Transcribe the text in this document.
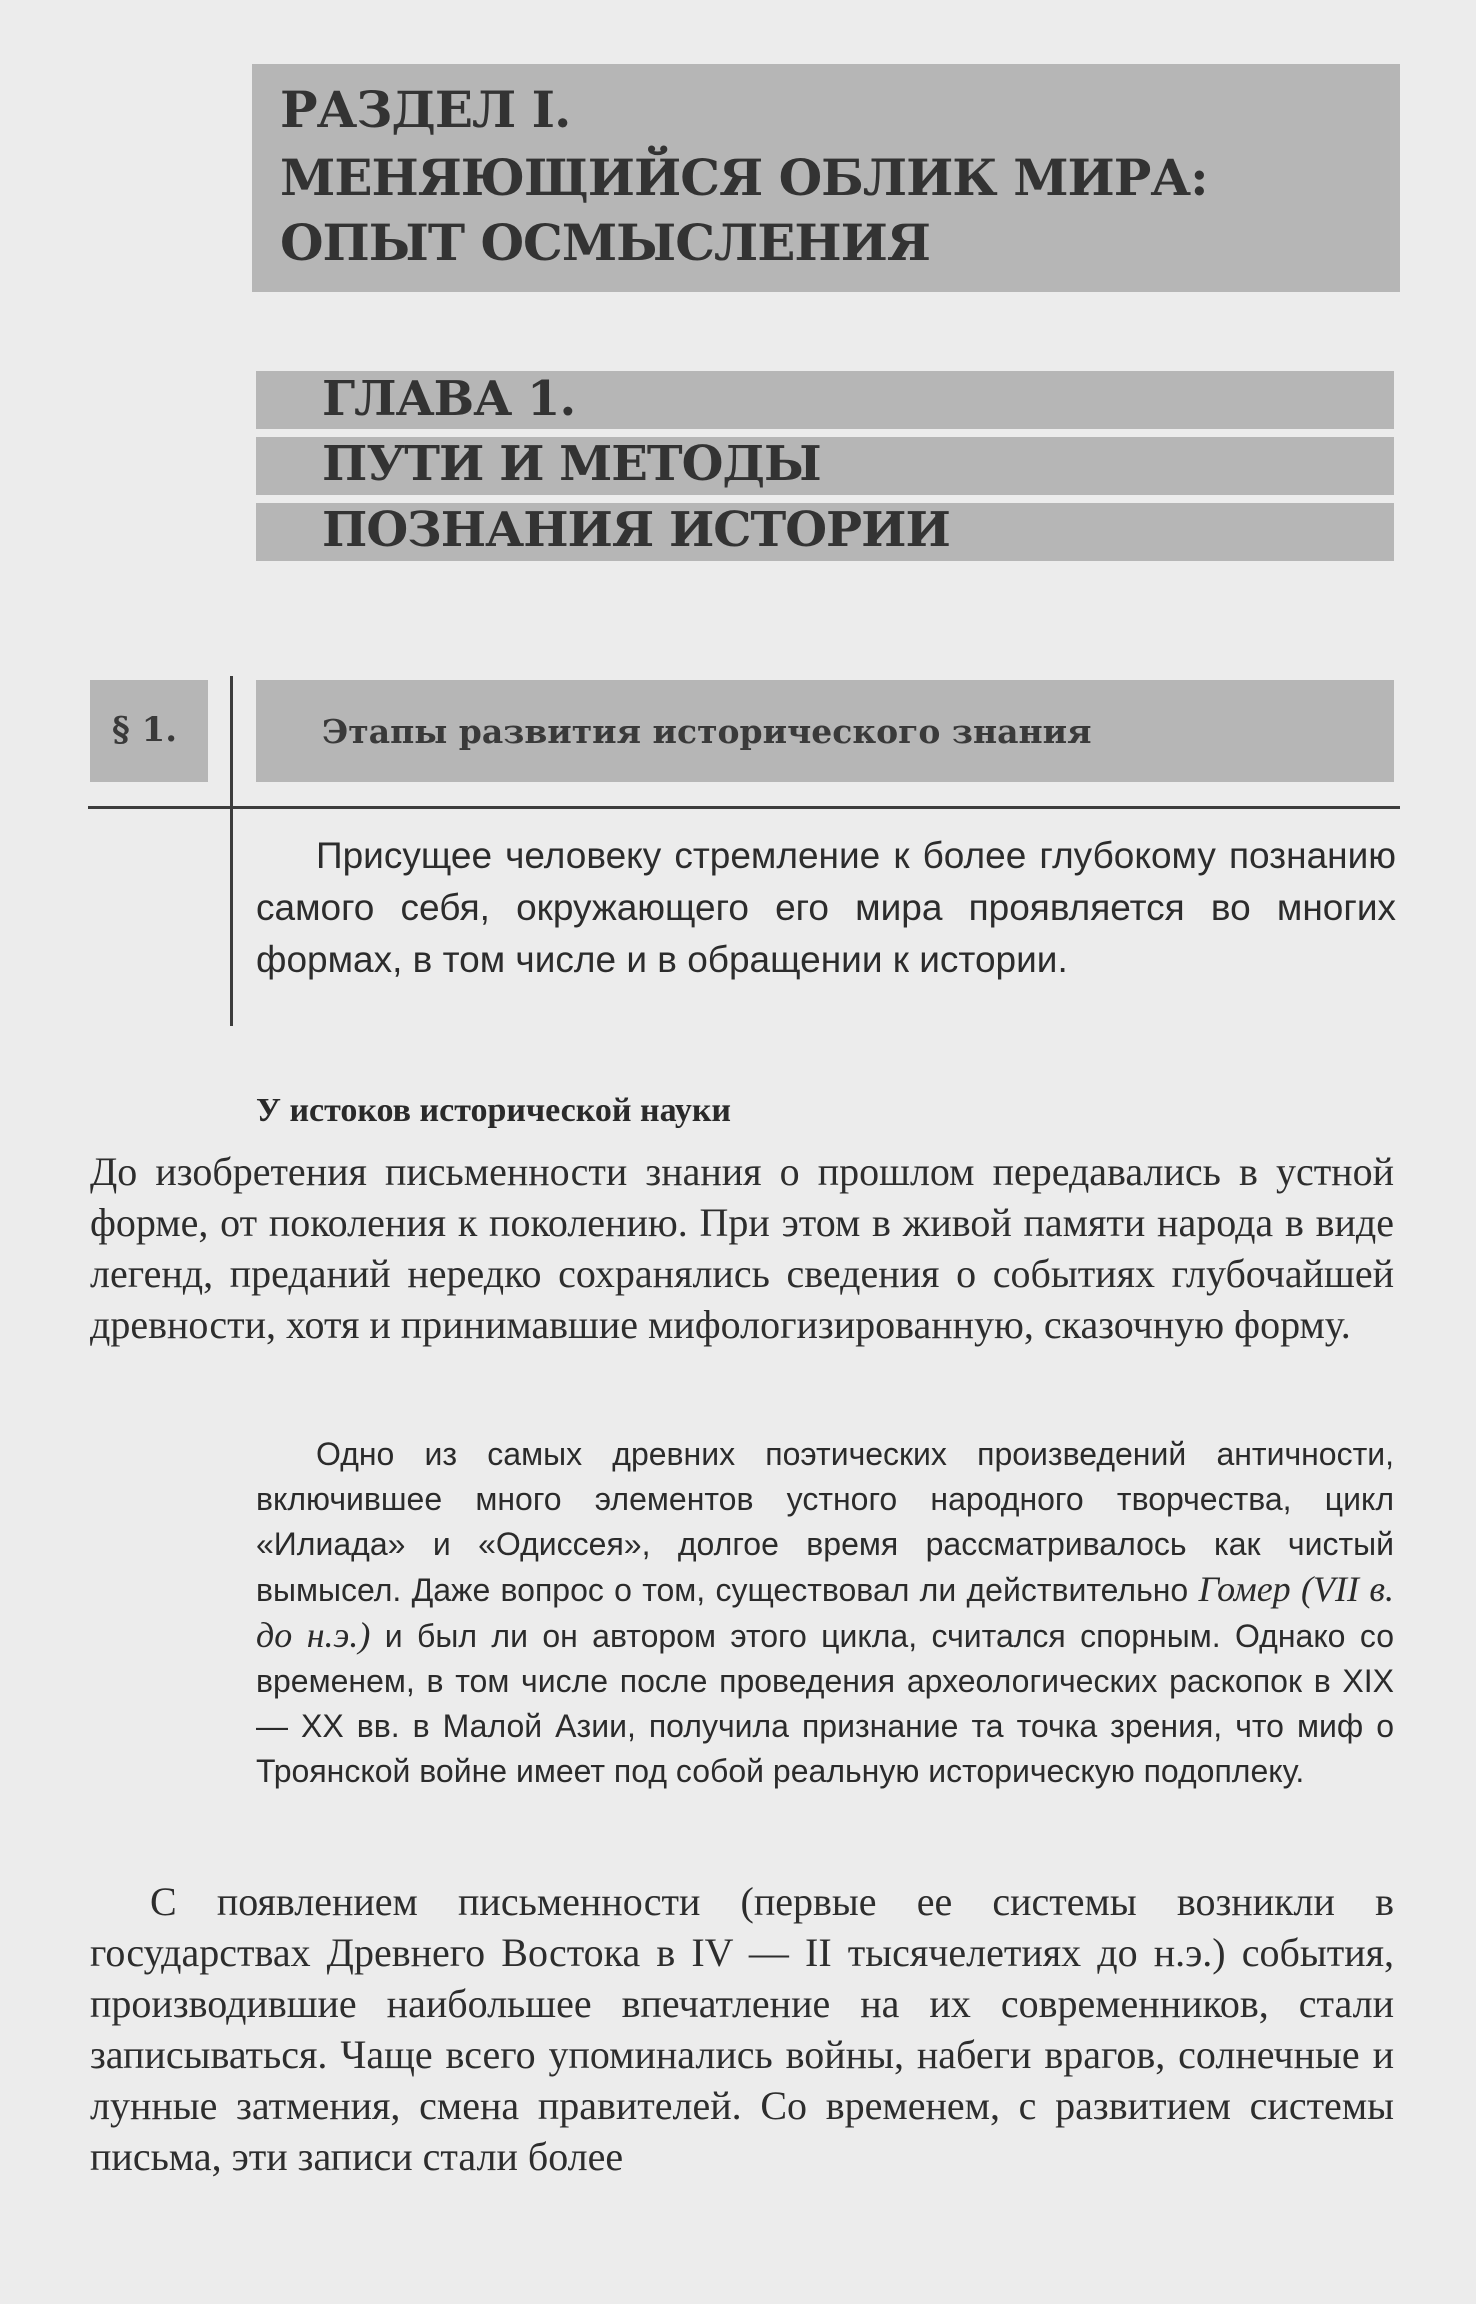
РАЗДЕЛ I.
МЕНЯЮЩИЙСЯ ОБЛИК МИРА:
ОПЫТ ОСМЫСЛЕНИЯ
ГЛАВА 1.
ПУТИ И МЕТОДЫ
ПОЗНАНИЯ ИСТОРИИ
§ 1.	Этапы развития исторического знания

Присущее человеку стремление к более глубокому познанию самого себя, окружающего его мира проявляется во многих формах, в том числе и в обращении к истории.

У истоков исторической науки

До изобретения письменности знания о прошлом передавались в устной форме, от поколения к поколению. При этом в живой памяти народа в виде легенд, преданий нередко сохранялись сведения о событиях глубочайшей древности, хотя и принимавшие мифологизированную, сказочную форму.

Одно из самых древних поэтических произведений античности, включившее много элементов устного народного творчества, цикл «Илиада» и «Одиссея», долгое время рассматривалось как чистый вымысел. Даже вопрос о том, существовал ли действительно Гомер (VII в. до н.э.) и был ли он автором этого цикла, считался спорным. Однако со временем, в том числе после проведения археологических раскопок в XIX — XX вв. в Малой Азии, получила признание та точка зрения, что миф о Троянской войне имеет под собой реальную историческую подоплеку.

С появлением письменности (первые ее системы возникли в государствах Древнего Востока в IV — II тысячелетиях до н.э.) события, производившие наибольшее впечатление на их современников, стали записываться. Чаще всего упоминались войны, набеги врагов, солнечные и лунные затмения, смена правителей. Со временем, с развитием системы письма, эти записи стали более
